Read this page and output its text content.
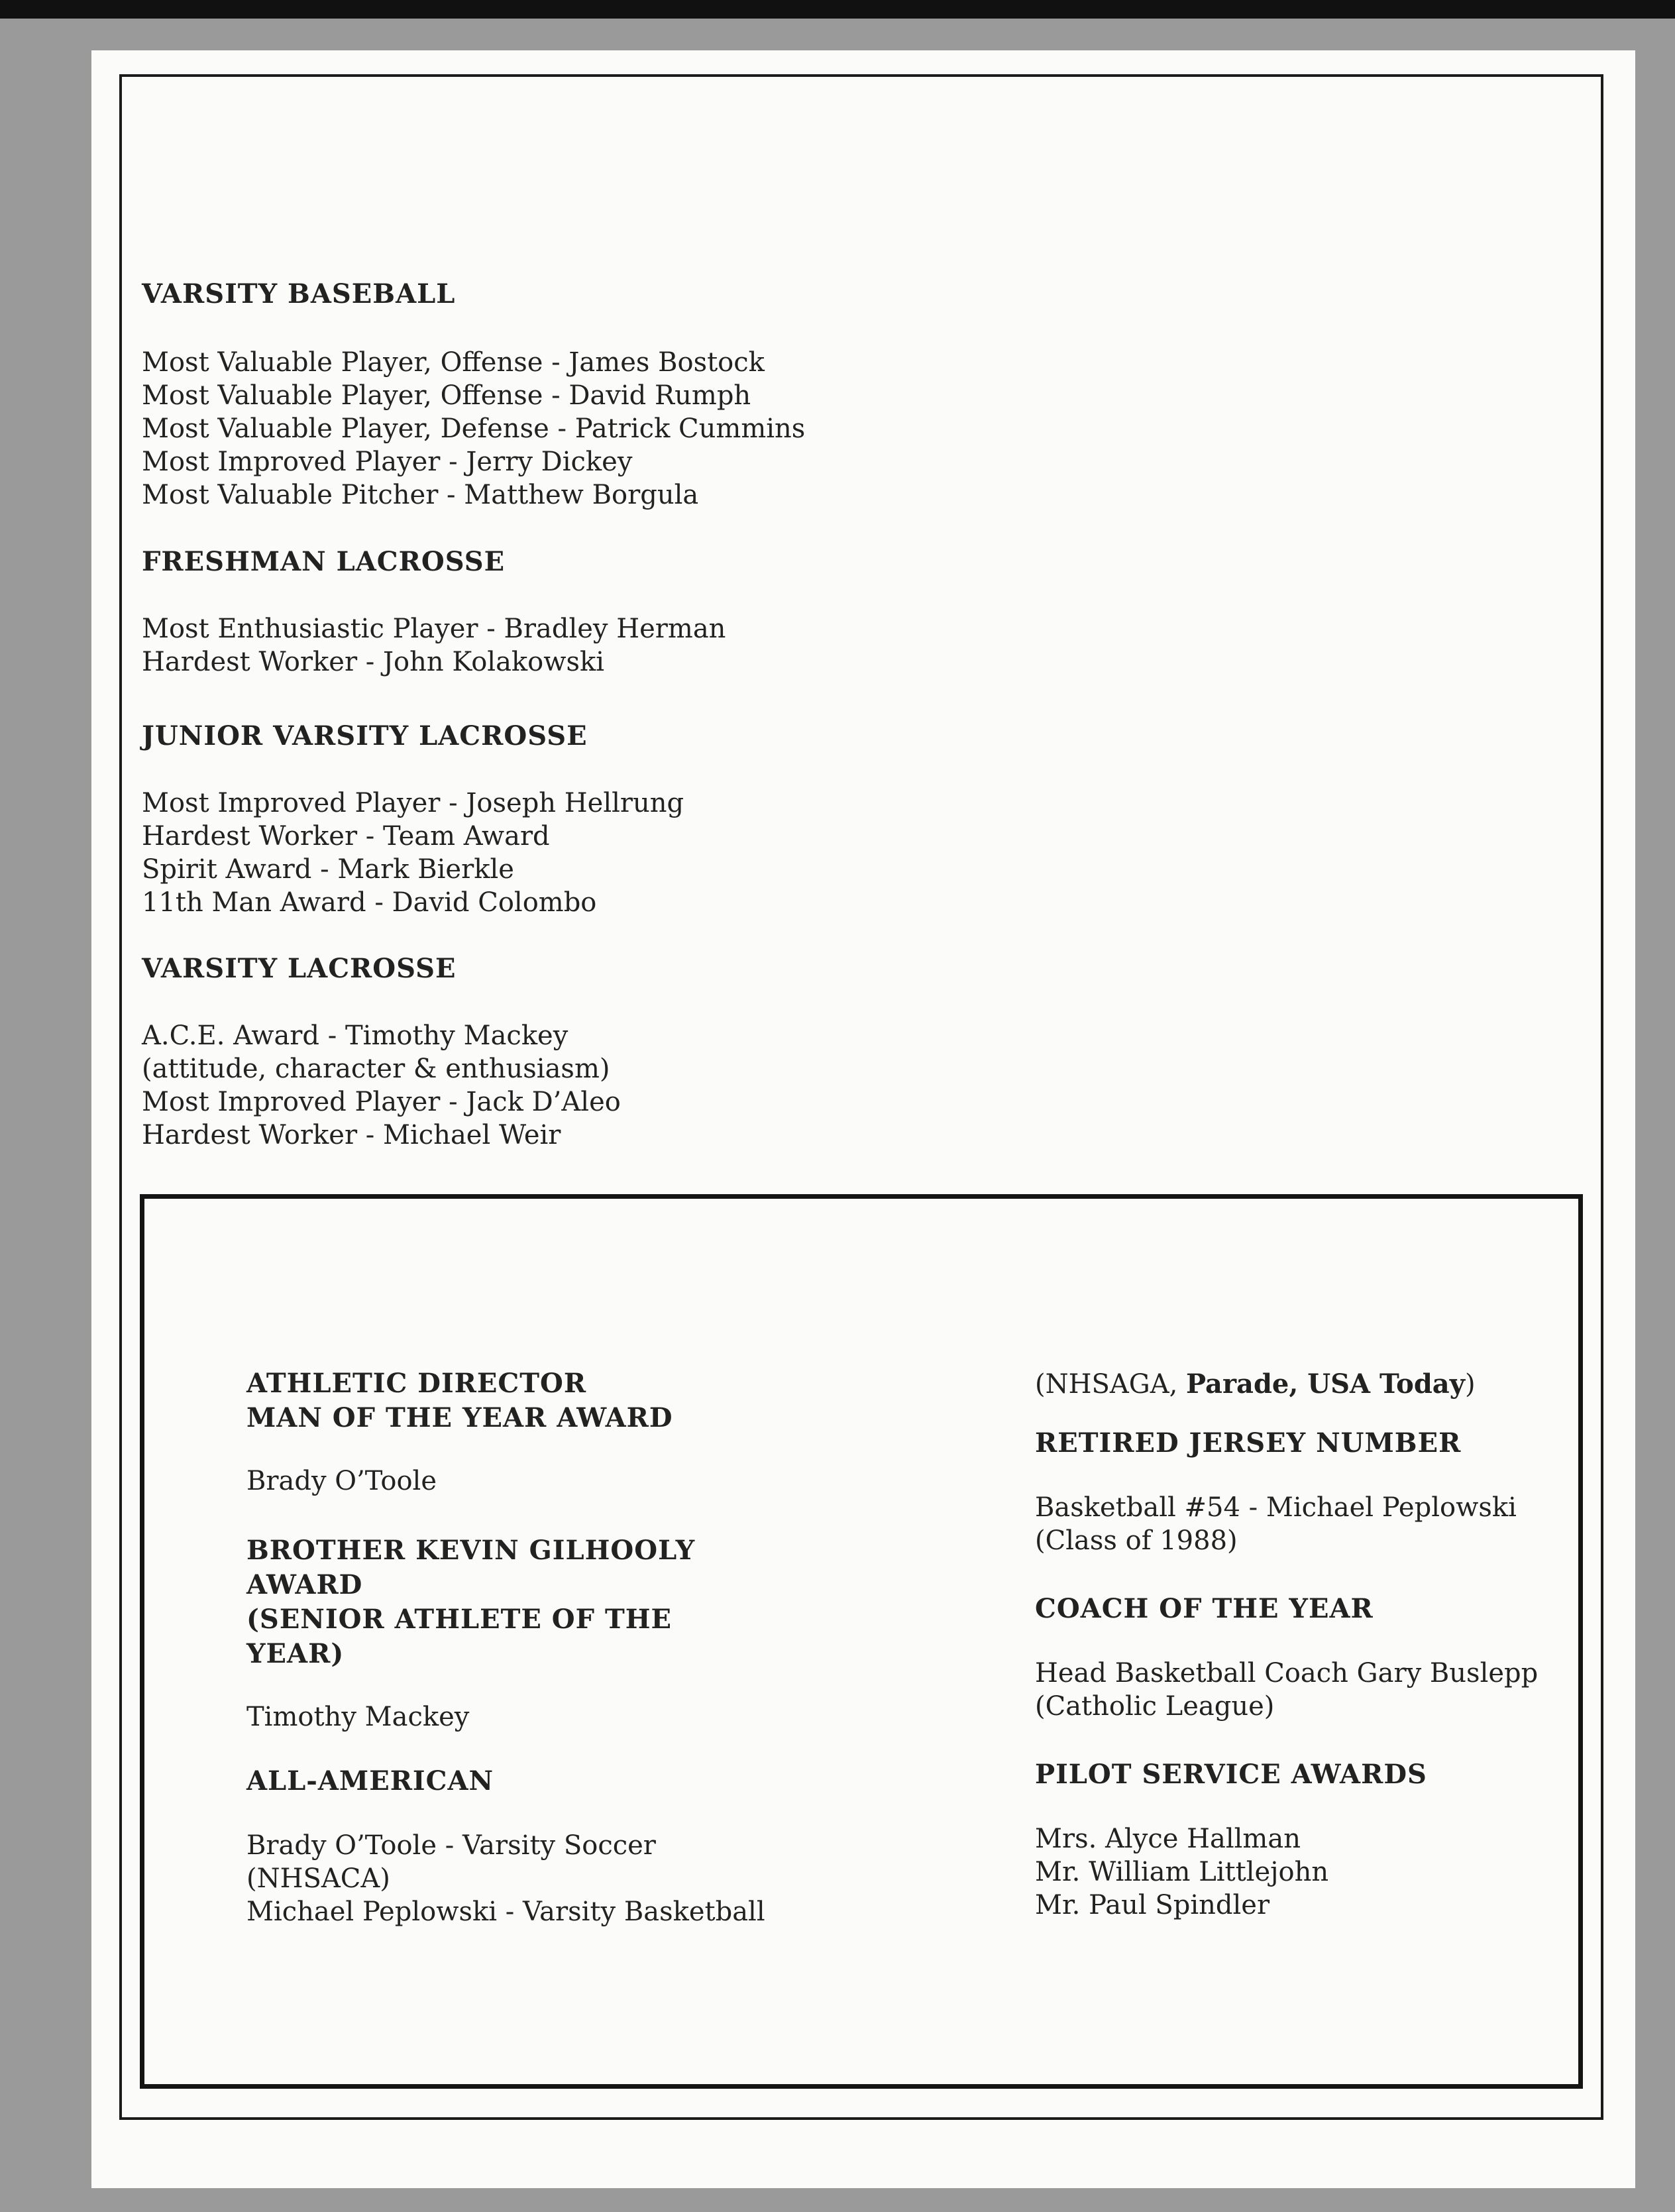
VARSITY BASEBALL

Most Valuable Player, Offense - James Bostock

Most Valuable Player, Offense - David Rumph

Most Valuable Player, Defense - Patrick Cummins

Most Improved Player - Jerry Dickey

Most Valuable Pitcher - Matthew Borgula

FRESHMAN LACROSSE

Most Enthusiastic Player - Bradley Herman

Hardest Worker - John Kolakowski

JUNIOR VARSITY LACROSSE

Most Improved Player - Joseph Hellrung

Hardest Worker - Team Award

Spirit Award - Mark Bierkle

11th Man Award - David Colombo

VARSITY LACROSSE

A.C.E. Award - Timothy Mackey

(attitude, character & enthusiasm)

Most Improved Player - Jack D’Aleo

Hardest Worker - Michael Weir

ATHLETIC DIRECTOR

MAN OF THE YEAR AWARD

Brady O’Toole

BROTHER KEVIN GILHOOLY

AWARD

(SENIOR ATHLETE OF THE

YEAR)

Timothy Mackey

ALL-AMERICAN

Brady O’Toole - Varsity Soccer

(NHSACA)

Michael Peplowski - Varsity Basketball

(NHSAGA, Parade, USA Today)

RETIRED JERSEY NUMBER

Basketball #54 - Michael Peplowski

(Class of 1988)

COACH OF THE YEAR

Head Basketball Coach Gary Buslepp

(Catholic League)

PILOT SERVICE AWARDS

Mrs. Alyce Hallman

Mr. William Littlejohn

Mr. Paul Spindler
